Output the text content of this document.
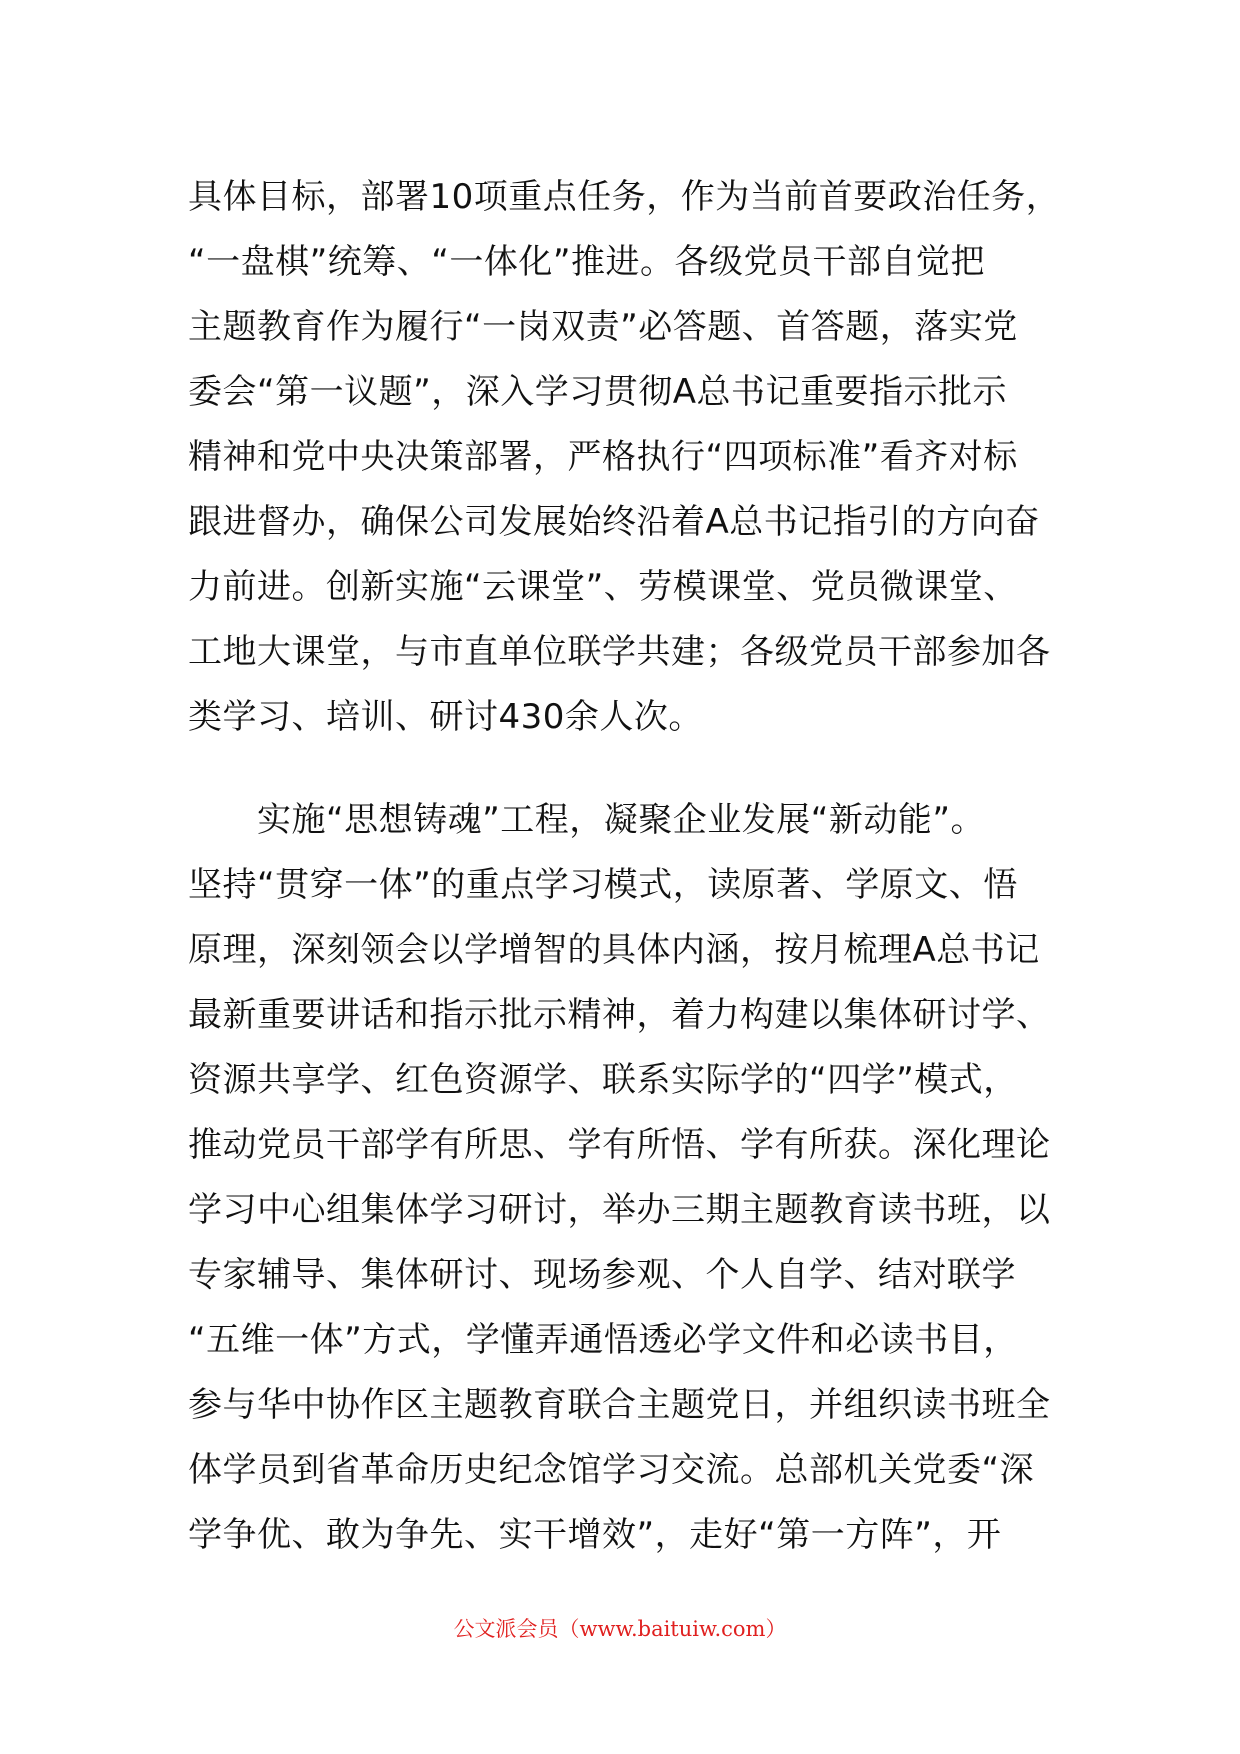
具体目标，部署10项重点任务，作为当前首要政治任务，
“一盘棋”统筹、“一体化”推进。各级党员干部自觉把
主题教育作为履行“一岗双责”必答题、首答题，落实党
委会“第一议题”，深入学习贯彻A总书记重要指示批示
精神和党中央决策部署，严格执行“四项标准”看齐对标
跟进督办，确保公司发展始终沿着A总书记指引的方向奋
力前进。创新实施“云课堂”、劳模课堂、党员微课堂、
工地大课堂，与市直单位联学共建；各级党员干部参加各
类学习、培训、研讨430余人次。
　　实施“思想铸魂”工程，凝聚企业发展“新动能”。
坚持“贯穿一体”的重点学习模式，读原著、学原文、悟
原理，深刻领会以学增智的具体内涵，按月梳理A总书记
最新重要讲话和指示批示精神，着力构建以集体研讨学、
资源共享学、红色资源学、联系实际学的“四学”模式，
推动党员干部学有所思、学有所悟、学有所获。深化理论
学习中心组集体学习研讨，举办三期主题教育读书班，以
专家辅导、集体研讨、现场参观、个人自学、结对联学
“五维一体”方式，学懂弄通悟透必学文件和必读书目，
参与华中协作区主题教育联合主题党日，并组织读书班全
体学员到省革命历史纪念馆学习交流。总部机关党委“深
学争优、敢为争先、实干增效”，走好“第一方阵”，开
公文派会员（www.baituiw.com）
